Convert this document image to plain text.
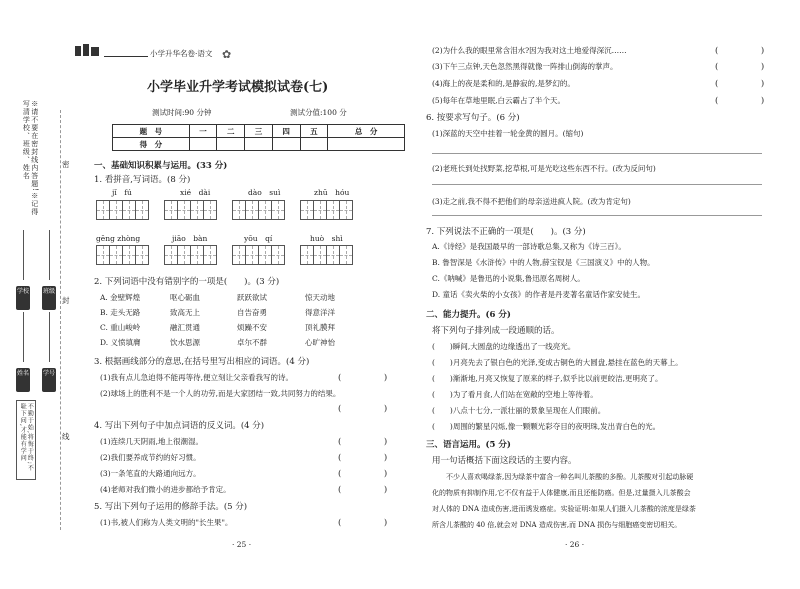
小学升华名卷·语文 ✿
小学毕业升学考试模拟试卷(七)
测试时间:90 分钟	测试分值:100 分
题　号	一	二	三	四	五	总　分
得　分						
※请不要在密封线内答题!※记得写清学校、班级、姓名	密
封
线
学校 班级
姓名 学号
不勤于始,将悔于终;不耻下问,才能有学问
一、基础知识积累与运用。(33 分)
1. 看拼音,写词语。(8 分)
jǐ　fú	xié　dài	dào　suì	zhū　hóu
gēng zhòng	jiāo　bàn	yōu　qí	huò　shì
2. 下列词语中没有错别字的一项是(　　)。(3 分)
A. 金壁辉煌	呕心砺血	跃跃欲试	惊天动地
B. 走头无路	致高无上	自告奋勇	得意洋洋
C. 重山峻岭	融汇贯通	烦躁不安	顶礼膜拜
D. 义愤填膺	饮水思源	卓尔不群	心旷神怡
3. 根据画线部分的意思,在括号里写出相应的词语。(4 分)
(1)我有点儿急迫得不能再等待,便立刻让父亲看我写的诗。	(　　　　　)
(2)球场上的胜利不是一个人的功劳,而是大家团结一致,共同努力的结果。
(　　　　　)
4. 写出下列句子中加点词语的反义词。(4 分)
(1)连续几天阴雨,地上很潮湿。	(　　　　　)
(2)我们要养成节约的好习惯。	(　　　　　)
(3)一条笔直的大路通向远方。	(　　　　　)
(4)老师对我们微小的进步都给予肯定。	(　　　　　)
5. 写出下列句子运用的修辞手法。(5 分)
(1)书,被人们称为人类文明的"长生果"。	(　　　　　)
· 25 ·
(2)为什么我的眼里常含泪水?因为我对这土地爱得深沉……	(　　　　　)
(3)下午三点钟,天色忽然黑得就像一阵排山倒海的掌声。	(　　　　　)
(4)海上的夜是柔和的,是静寂的,是梦幻的。	(　　　　　)
(5)每年在草地里眠,白云霸占了半个天。	(　　　　　)
6. 按要求写句子。(6 分)
(1)深蓝的天空中挂着一轮金黄的圆月。(缩句)
(2)老班长到处找野菜,挖草根,可是光吃这些东西不行。(改为反问句)
(3)走之前,我不得不把他们的母亲送进疯人院。(改为肯定句)
7. 下列说法不正确的一项是(　　)。(3 分)
A.《诗经》是我国最早的一部诗歌总集,又称为《诗三百》。
B. 鲁智深是《水浒传》中的人物,薛宝钗是《三国演义》中的人物。
C.《呐喊》是鲁迅的小说集,鲁迅原名周树人。
D. 童话《卖火柴的小女孩》的作者是丹麦著名童话作家安徒生。
二、能力提升。(6 分)
将下列句子排列成一段通顺的话。
(　　)瞬间,大圆盘的边缘透出了一线亮光。
(　　)月亮先去了银白色的光泽,变成古铜色的大圆盘,悬挂在蓝色的天幕上。
(　　)渐渐地,月亮又恢复了原来的样子,似乎比以前更皎洁,更明亮了。
(　　)为了看月食,人们站在宽敞的空地上等待着。
(　　)八点十七分,一派壮丽的景象呈现在人们眼前。
(　　)周围的繁星闪烁,像一颗颗光彩夺目的夜明珠,发出青白色的光。
三、语言运用。(5 分)
用一句话概括下面这段话的主要内容。
　　不少人喜欢喝绿茶,因为绿茶中富含一种名叫儿茶酸的多酚。儿茶酸对引起动脉硬
化的物质有抑制作用,它不仅有益于人体健康,而且还能防癌。但是,过量摄入儿茶酸会
对人体的 DNA 造成伤害,进而诱发癌症。实验证明:如果人们摄入儿茶酸的浓度是绿茶
所含儿茶酸的 40 倍,就会对 DNA 造成伤害,而 DNA 损伤与细胞癌变密切相关。
· 26 ·
